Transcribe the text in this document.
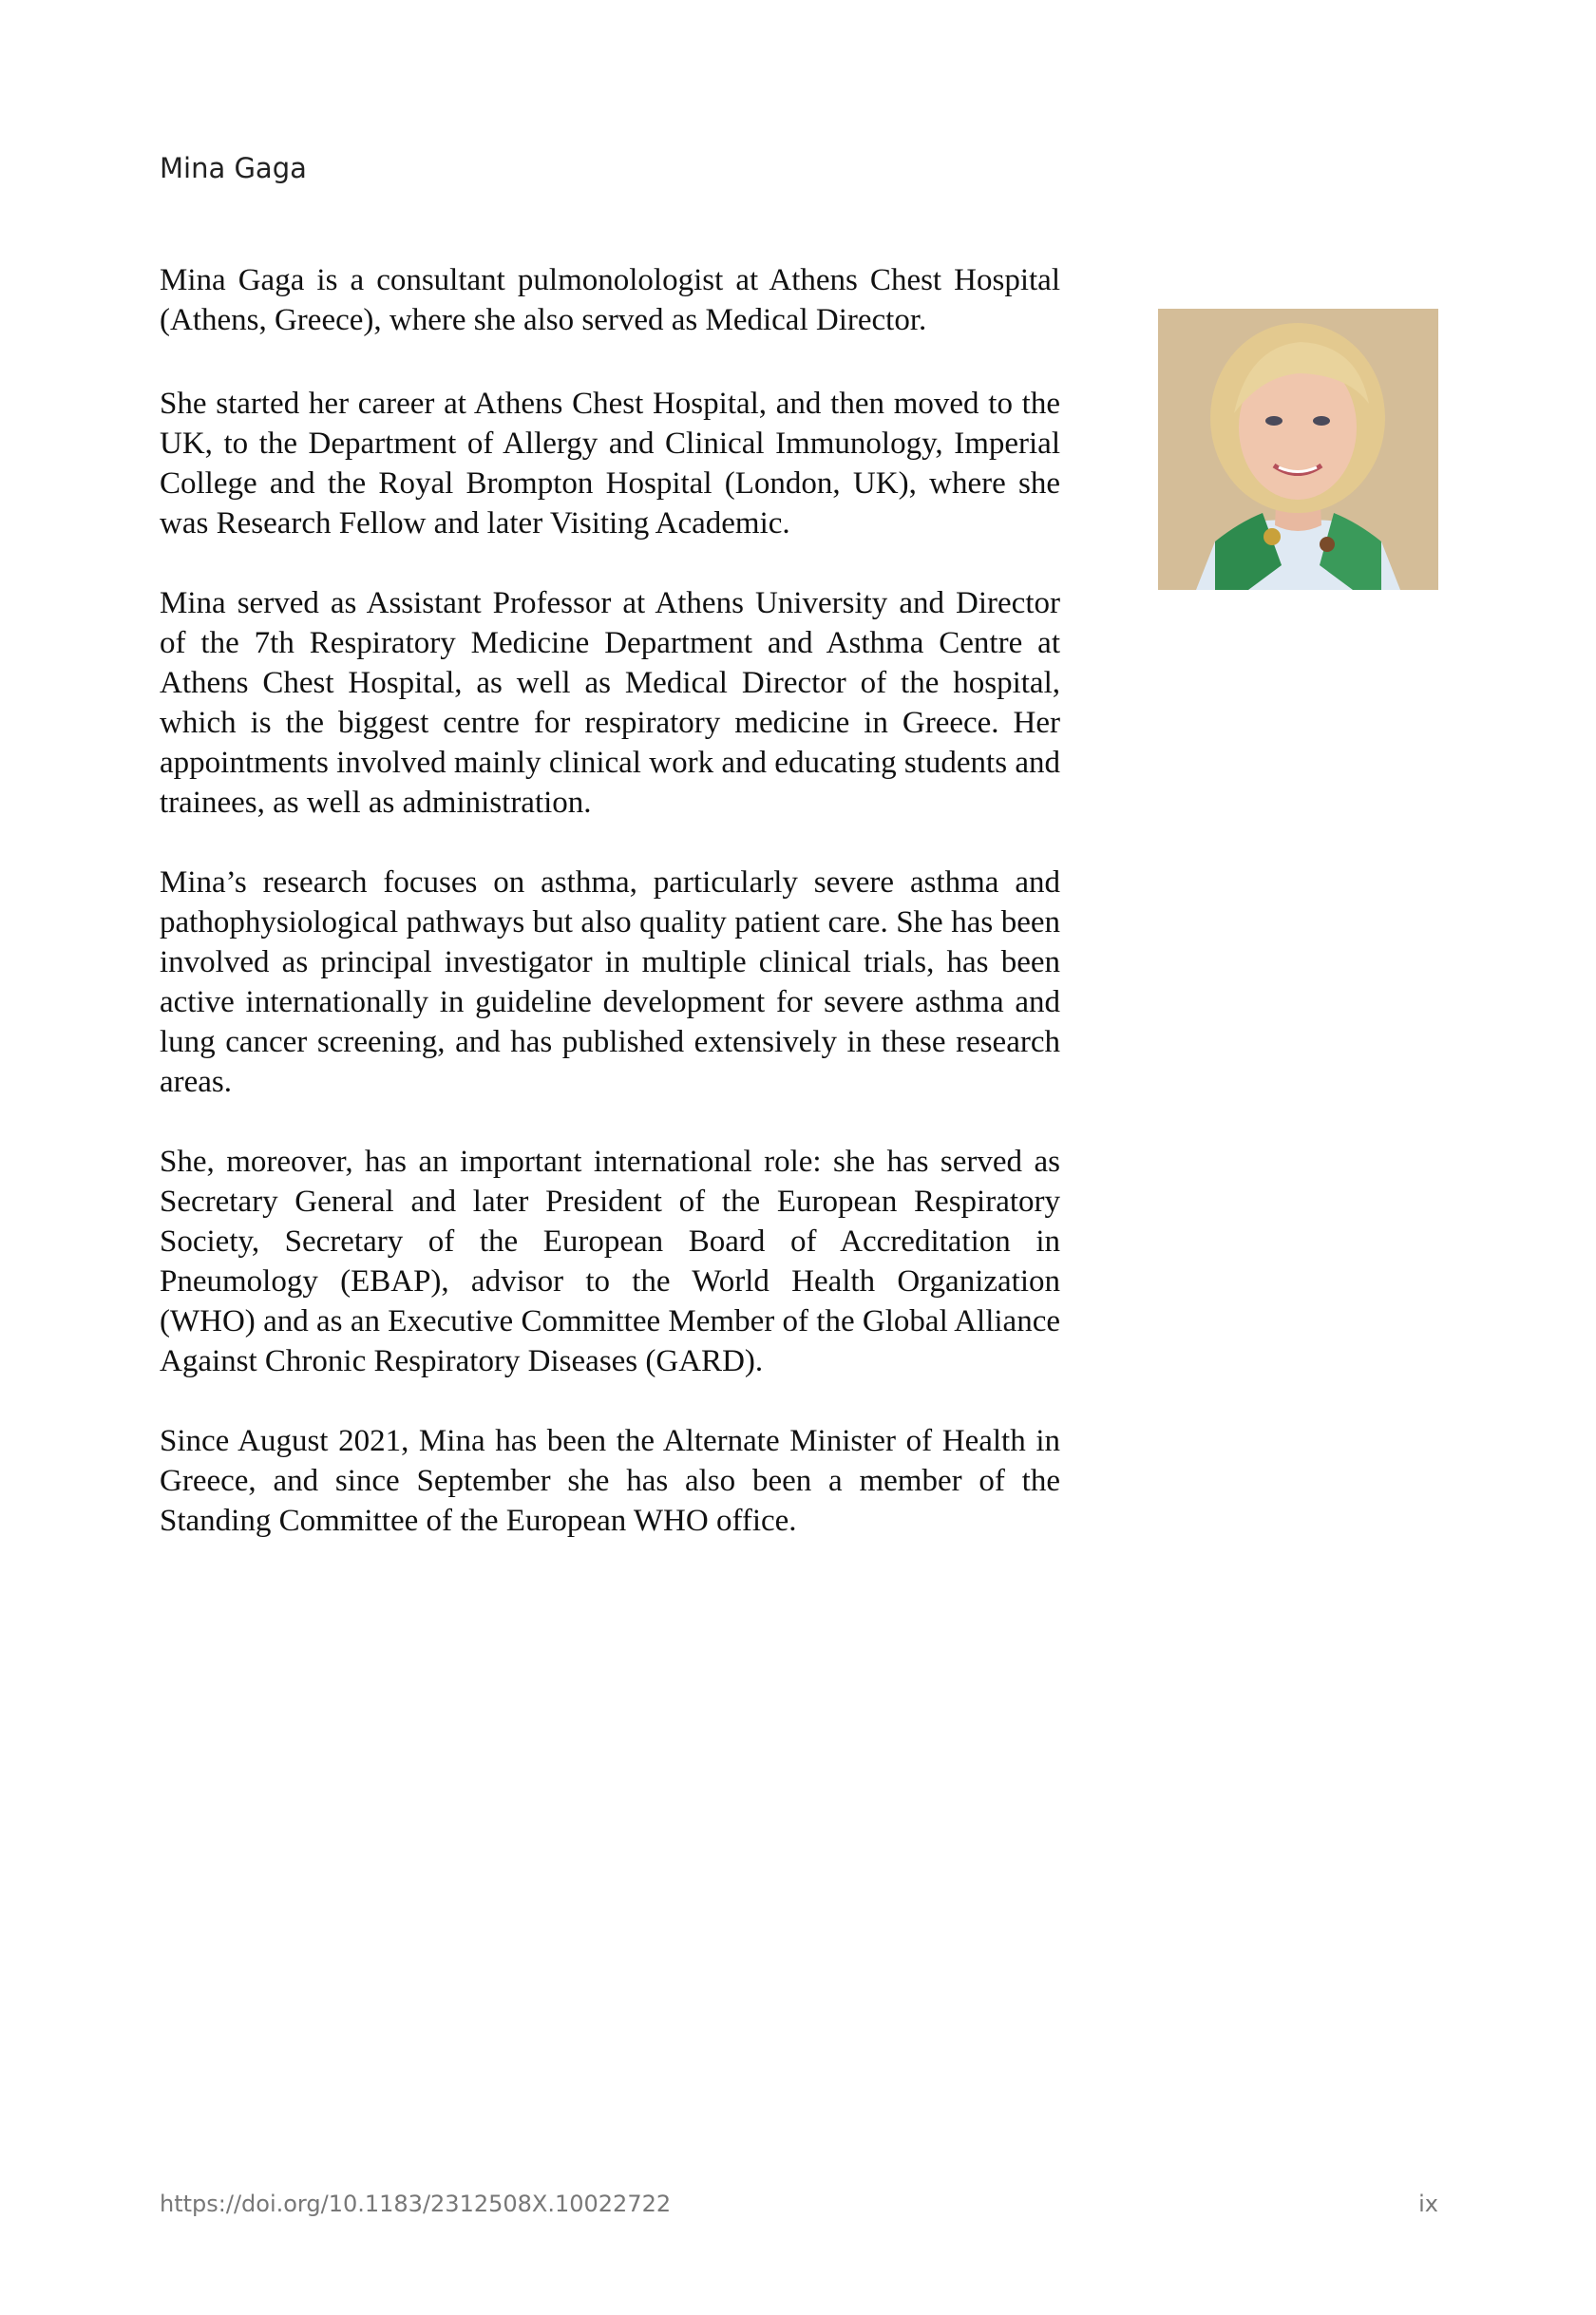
Mina Gaga

Mina Gaga is a consultant pulmonolologist at Athens Chest Hospital (Athens, Greece), where she also served as Medical Director.

She started her career at Athens Chest Hospital, and then moved to the UK, to the Department of Allergy and Clinical Immunology, Imperial College and the Royal Brompton Hospital (London, UK), where she was Research Fellow and later Visiting Academic.

Mina served as Assistant Professor at Athens University and Director of the 7th Respiratory Medicine Department and Asthma Centre at Athens Chest Hospital, as well as Medical Director of the hospital, which is the biggest centre for respiratory medicine in Greece. Her appointments involved mainly clinical work and educating students and trainees, as well as administration.

Mina’s research focuses on asthma, particularly severe asthma and pathophysiological pathways but also quality patient care. She has been involved as principal investigator in multiple clinical trials, has been active internationally in guideline development for severe asthma and lung cancer screening, and has published extensively in these research areas.

She, moreover, has an important international role: she has served as Secretary General and later President of the European Respiratory Society, Secretary of the European Board of Accreditation in Pneumology (EBAP), advisor to the World Health Organization (WHO) and as an Executive Committee Member of the Global Alliance Against Chronic Respiratory Diseases (GARD).

Since August 2021, Mina has been the Alternate Minister of Health in Greece, and since September she has also been a member of the Standing Committee of the European WHO office.

https://doi.org/10.1183/2312508X.10022722	ix
